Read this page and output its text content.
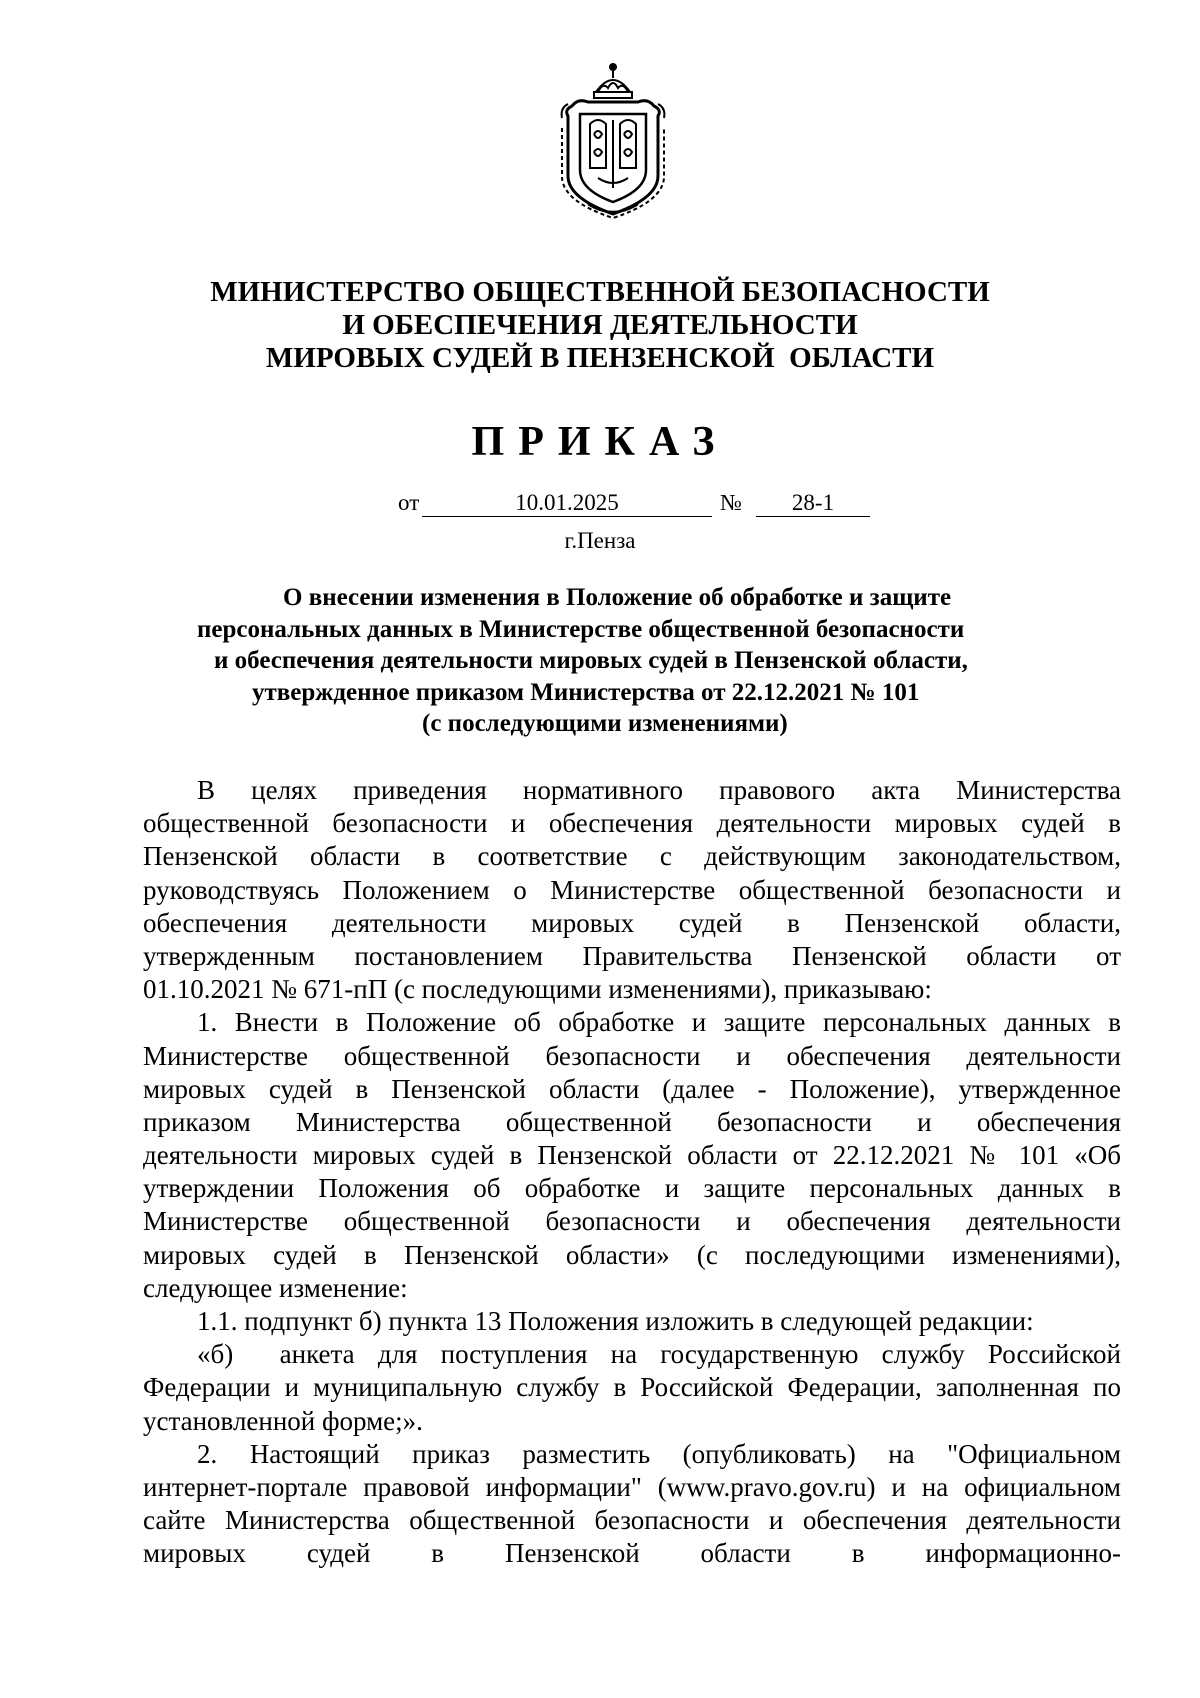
МИНИСТЕРСТВО ОБЩЕСТВЕННОЙ БЕЗОПАСНОСТИ
И ОБЕСПЕЧЕНИЯ ДЕЯТЕЛЬНОСТИ
МИРОВЫХ СУДЕЙ В ПЕНЗЕНСКОЙ  ОБЛАСТИ
ПРИКАЗ
от	10.01.2025	№	28-1
г.Пенза
О внесении изменения в Положение об обработке и защите
персональных данных в Министерстве общественной безопасности
и обеспечения деятельности мировых судей в Пензенской области,
утвержденное приказом Министерства от 22.12.2021 № 101
(с последующими изменениями)
В целях приведения нормативного правового акта Министерства
общественной безопасности и обеспечения деятельности мировых судей в
Пензенской области в соответствие с действующим законодательством,
руководствуясь Положением о Министерстве общественной безопасности и
обеспечения деятельности мировых судей в Пензенской области,
утвержденным постановлением Правительства Пензенской области от
01.10.2021 № 671-пП (с последующими изменениями), приказываю:
1. Внести в Положение об обработке и защите персональных данных в
Министерстве общественной безопасности и обеспечения деятельности
мировых судей в Пензенской области (далее - Положение), утвержденное
приказом Министерства общественной безопасности и обеспечения
деятельности мировых судей в Пензенской области от 22.12.2021 № 101 «Об
утверждении Положения об обработке и защите персональных данных в
Министерстве общественной безопасности и обеспечения деятельности
мировых судей в Пензенской области» (с последующими изменениями),
следующее изменение:
1.1. подпункт б) пункта 13 Положения изложить в следующей редакции:
«б)  анкета для поступления на государственную службу Российской
Федерации и муниципальную службу в Российской Федерации, заполненная по
установленной форме;».
2. Настоящий приказ разместить (опубликовать) на "Официальном
интернет-портале правовой информации" (www.pravo.gov.ru) и на официальном
сайте Министерства общественной безопасности и обеспечения деятельности
мировых судей в Пензенской области в информационно-
